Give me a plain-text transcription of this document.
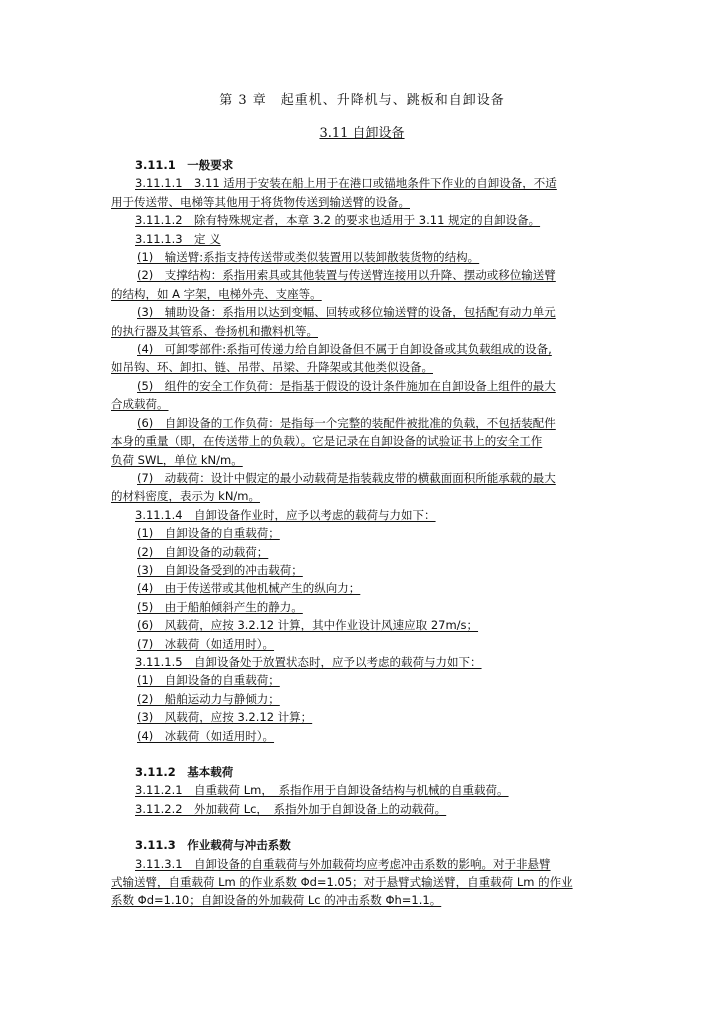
第 3 章　起重机、升降机与、跳板和自卸设备
3.11 自卸设备
3.11.1　一般要求
3.11.1.1　3.11 适用于安装在船上用于在港口或锚地条件下作业的自卸设备，不适
用于传送带、电梯等其他用于将货物传送到输送臂的设备。
3.11.1.2　除有特殊规定者，本章 3.2 的要求也适用于 3.11 规定的自卸设备。
3.11.1.3　定 义
(1)　输送臂:系指支持传送带或类似装置用以装卸散装货物的结构。
(2)　支撑结构：系指用索具或其他装置与传送臂连接用以升降、摆动或移位输送臂
的结构，如 A 字架，电梯外壳、支座等。
(3)　辅助设备：系指用以达到变幅、回转或移位输送臂的设备，包括配有动力单元
的执行器及其管系、卷扬机和撒料机等。
(4)　可卸零部件:系指可传递力给自卸设备但不属于自卸设备或其负载组成的设备,
如吊钩、环、卸扣、链、吊带、吊梁、升降架或其他类似设备。
(5)　组件的安全工作负荷：是指基于假设的设计条件施加在自卸设备上组件的最大
合成载荷。
(6)　自卸设备的工作负荷：是指每一个完整的装配件被批准的负载，不包括装配件
本身的重量（即，在传送带上的负载）。它是记录在自卸设备的试验证书上的安全工作
负荷 SWL，单位 kN/m。
(7)　动载荷：设计中假定的最小动载荷是指装载皮带的横截面面积所能承载的最大
的材料密度，表示为 kN/m。
3.11.1.4　自卸设备作业时，应予以考虑的载荷与力如下：
(1)　自卸设备的自重载荷；
(2)　自卸设备的动载荷；
(3)　自卸设备受到的冲击载荷；
(4)　由于传送带或其他机械产生的纵向力；
(5)　由于船舶倾斜产生的静力。
(6)　风载荷，应按 3.2.12 计算，其中作业设计风速应取 27m/s；
(7)　冰载荷（如适用时）。
3.11.1.5　自卸设备处于放置状态时，应予以考虑的载荷与力如下：
(1)　自卸设备的自重载荷；
(2)　船舶运动力与静倾力；
(3)　风载荷，应按 3.2.12 计算；
(4)　冰载荷（如适用时）。
3.11.2　基本载荷
3.11.2.1　自重载荷 Lm，　系指作用于自卸设备结构与机械的自重载荷。
3.11.2.2　外加载荷 Lc，　系指外加于自卸设备上的动载荷。
3.11.3　作业载荷与冲击系数
3.11.3.1　自卸设备的自重载荷与外加载荷均应考虑冲击系数的影响。对于非悬臂
式输送臂，自重载荷 Lm 的作业系数 Φd=1.05；对于悬臂式输送臂，自重载荷 Lm 的作业
系数 Φd=1.10；自卸设备的外加载荷 Lc 的冲击系数 Φh=1.1。
